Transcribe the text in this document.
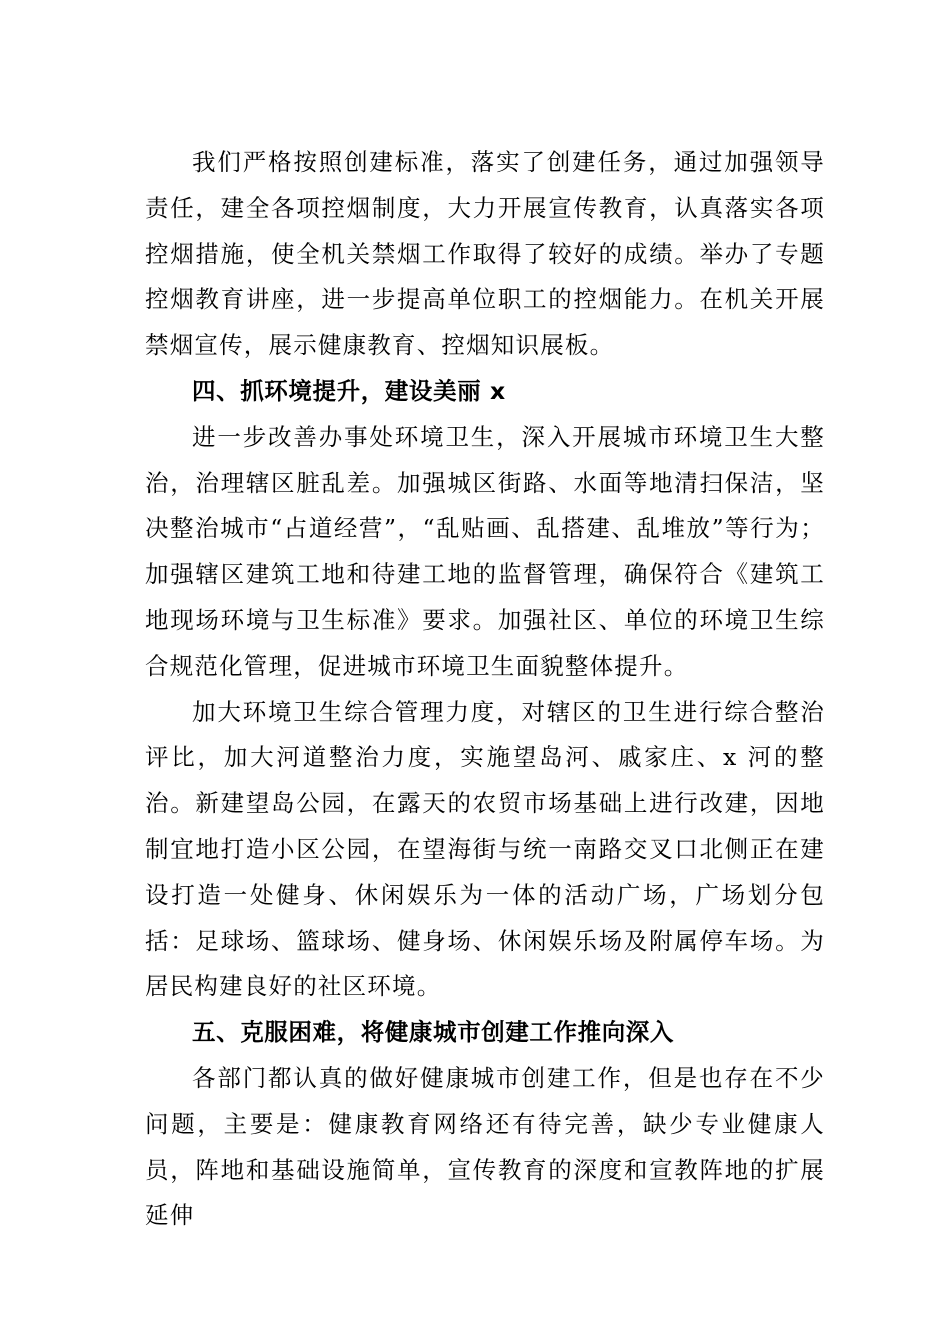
我们严格按照创建标准，落实了创建任务，通过加强领导责任，建全各项控烟制度，大力开展宣传教育，认真落实各项控烟措施，使全机关禁烟工作取得了较好的成绩。举办了专题控烟教育讲座，进一步提高单位职工的控烟能力。在机关开展禁烟宣传，展示健康教育、控烟知识展板。

四、抓环境提升，建设美丽 x

进一步改善办事处环境卫生，深入开展城市环境卫生大整治，治理辖区脏乱差。加强城区街路、水面等地清扫保洁，坚决整治城市“占道经营”，“乱贴画、乱搭建、乱堆放”等行为；加强辖区建筑工地和待建工地的监督管理，确保符合《建筑工地现场环境与卫生标准》要求。加强社区、单位的环境卫生综合规范化管理，促进城市环境卫生面貌整体提升。

加大环境卫生综合管理力度，对辖区的卫生进行综合整治评比，加大河道整治力度，实施望岛河、戚家庄、x 河的整治。新建望岛公园，在露天的农贸市场基础上进行改建，因地制宜地打造小区公园，在望海街与统一南路交叉口北侧正在建设打造一处健身、休闲娱乐为一体的活动广场，广场划分包括：足球场、篮球场、健身场、休闲娱乐场及附属停车场。为居民构建良好的社区环境。

五、克服困难，将健康城市创建工作推向深入

各部门都认真的做好健康城市创建工作，但是也存在不少问题，主要是：健康教育网络还有待完善，缺少专业健康人员，阵地和基础设施简单，宣传教育的深度和宣教阵地的扩展延伸
